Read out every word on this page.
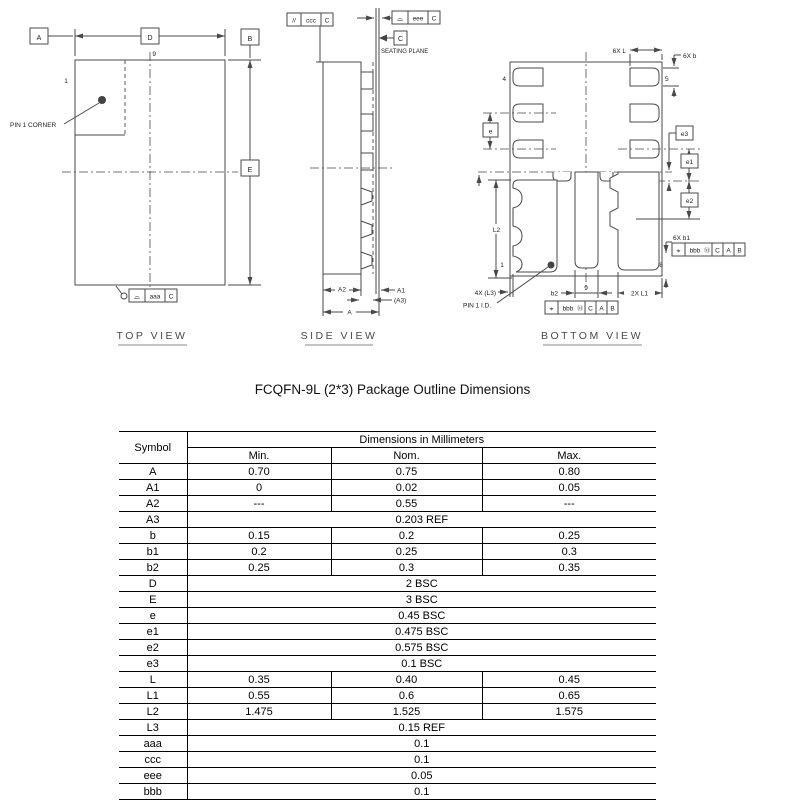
PIN 1 CORNER
1
9
D
A
E
B
⌓ aaa C
TOP VIEW
// ccc C	⌓ eee C
C
SEATING PLANE
A2	A1
(A3)
A
SIDE VIEW
e
4	5
6X L
6X b
L2
1
4X (L3)
PIN 1 I.D.
b2
9
⌖ bbb Ⓜ C A B
2X L1
e3
e1
e2
6X b1
⌖ bbb Ⓜ C A B
8
BOTTOM VIEW
FCQFN-9L (2*3) Package Outline Dimensions
Symbol	Dimensions in Millimeters		
	Min.	Nom.	Max.
A	0.70	0.75	0.80
A1	0	0.02	0.05
A2	---	0.55	---
A3	0.203 REF		
b	0.15	0.2	0.25
b1	0.2	0.25	0.3
b2	0.25	0.3	0.35
D	2 BSC		
E	3 BSC		
e	0.45 BSC		
e1	0.475 BSC		
e2	0.575 BSC		
e3	0.1 BSC		
L	0.35	0.40	0.45
L1	0.55	0.6	0.65
L2	1.475	1.525	1.575
L3	0.15 REF		
aaa	0.1		
ccc	0.1		
eee	0.05		
bbb	0.1		
